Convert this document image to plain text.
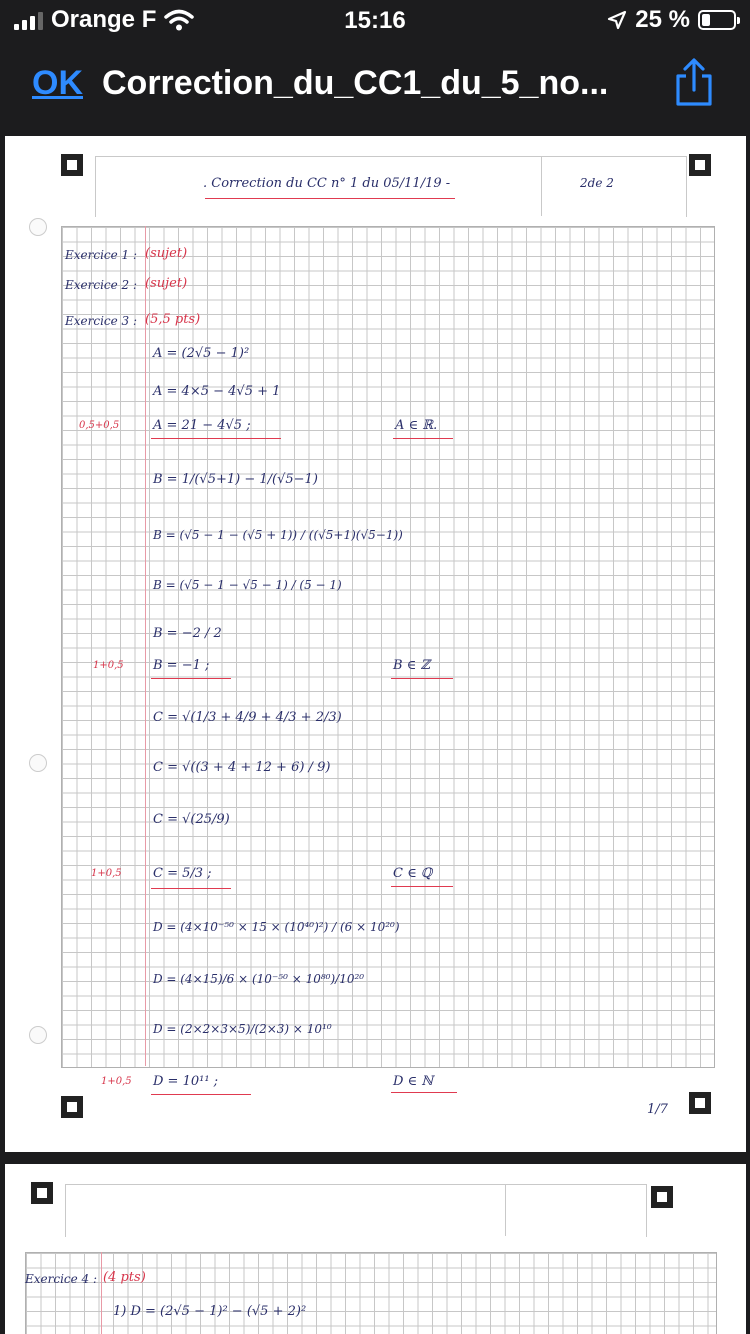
Orange F	15:16	25 %
OK Correction_du_CC1_du_5_no...
. Correction du CC n° 1 du 05/11/19 -	2de 2
Exercice 1 : (sujet)
Exercice 2 : (sujet)
Exercice 3 : (5,5 pts)
A = (2√5 − 1)²
A = 4×5 − 4√5 + 1
0,5+0,5	A = 21 − 4√5 ;	A ∈ ℝ.
B = 1/(√5+1) − 1/(√5−1)
B = (√5 − 1 − (√5 + 1)) / ((√5+1)(√5−1))
B = (√5 − 1 − √5 − 1) / (5 − 1)
B = −2 / 2
1+0,5 B = −1 ;	B ∈ ℤ
C = √(1/3 + 4/9 + 4/3 + 2/3)
C = √((3 + 4 + 12 + 6) / 9)
C = √(25/9)
1+0,5 C = 5/3 ;	C ∈ ℚ
D = (4×10⁻⁵⁰ × 15 × (10⁴⁰)²) / (6 × 10²⁰)
D = (4×15)/6 × (10⁻⁵⁰ × 10⁸⁰)/10²⁰
D = (2×2×3×5)/(2×3) × 10¹⁰
1+0,5 D = 10¹¹ ;	D ∈ ℕ
1/7
Exercice 4 : (4 pts)
1) D = (2√5 − 1)² − (√5 + 2)²
